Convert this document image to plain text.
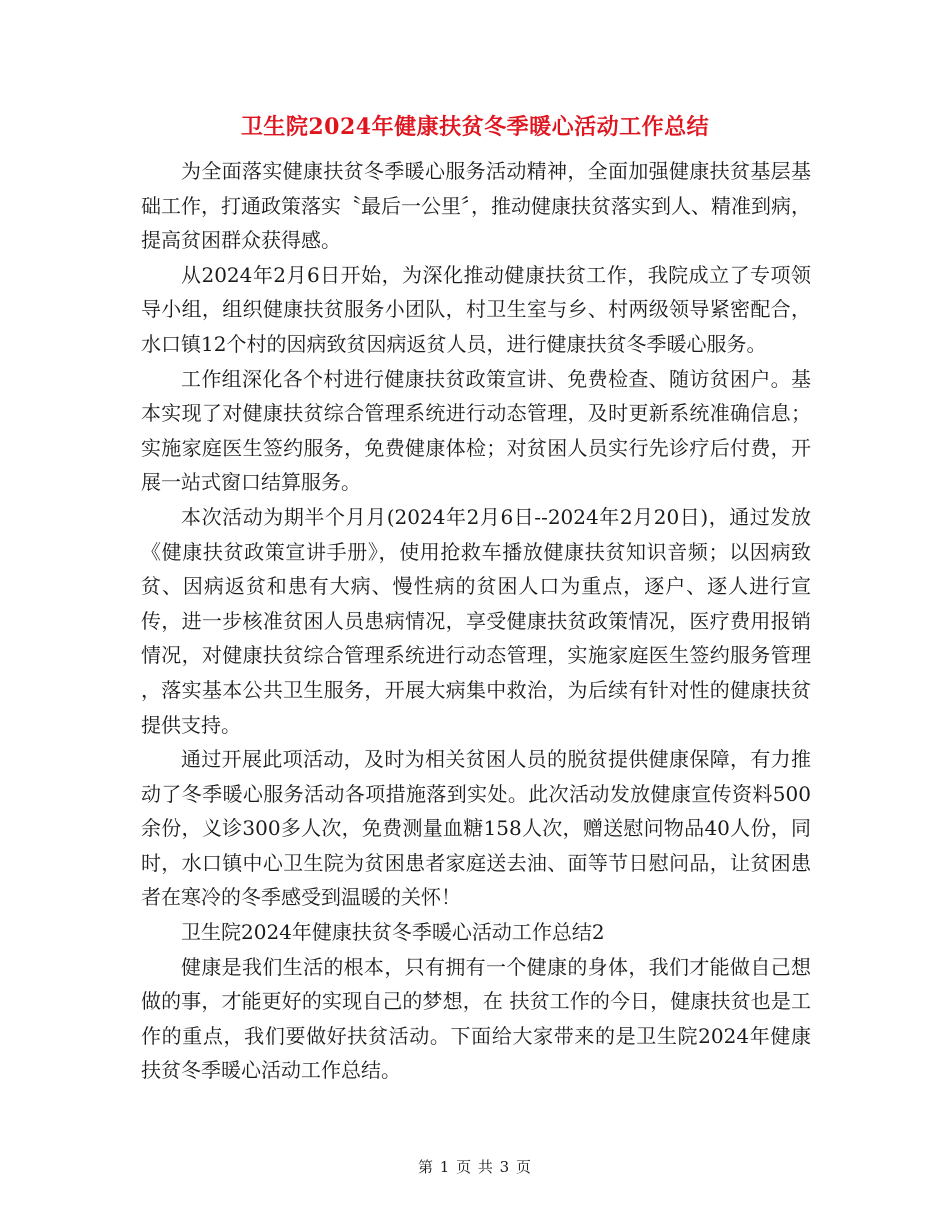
卫生院2024年健康扶贫冬季暖心活动工作总结

为全面落实健康扶贫冬季暖心服务活动精神，全面加强健康扶贫基层基础工作，打通政策落实〝最后一公里〞，推动健康扶贫落实到人、精准到病，提高贫困群众获得感。

从2024年2月6日开始，为深化推动健康扶贫工作，我院成立了专项领导小组，组织健康扶贫服务小团队，村卫生室与乡、村两级领导紧密配合，水口镇12个村的因病致贫因病返贫人员，进行健康扶贫冬季暖心服务。

工作组深化各个村进行健康扶贫政策宣讲、免费检查、随访贫困户。基本实现了对健康扶贫综合管理系统进行动态管理，及时更新系统准确信息；实施家庭医生签约服务，免费健康体检；对贫困人员实行先诊疗后付费，开展一站式窗口结算服务。

本次活动为期半个月月(2024年2月6日--2024年2月20日)，通过发放《健康扶贫政策宣讲手册》，使用抢救车播放健康扶贫知识音频；以因病致贫、因病返贫和患有大病、慢性病的贫困人口为重点，逐户、逐人进行宣传，进一步核准贫困人员患病情况，享受健康扶贫政策情况，医疗费用报销情况，对健康扶贫综合管理系统进行动态管理，实施家庭医生签约服务管理 ，落实基本公共卫生服务，开展大病集中救治，为后续有针对性的健康扶贫提供支持。

通过开展此项活动，及时为相关贫困人员的脱贫提供健康保障，有力推动了冬季暖心服务活动各项措施落到实处。此次活动发放健康宣传资料500余份，义诊300多人次，免费测量血糖158人次，赠送慰问物品40人份，同时，水口镇中心卫生院为贫困患者家庭送去油、面等节日慰问品，让贫困患者在寒冷的冬季感受到温暖的关怀！

卫生院2024年健康扶贫冬季暖心活动工作总结2

健康是我们生活的根本，只有拥有一个健康的身体，我们才能做自己想做的事，才能更好的实现自己的梦想，在 扶贫工作的今日，健康扶贫也是工作的重点，我们要做好扶贫活动。下面给大家带来的是卫生院2024年健康扶贫冬季暖心活动工作总结。

第 1 页 共 3 页
